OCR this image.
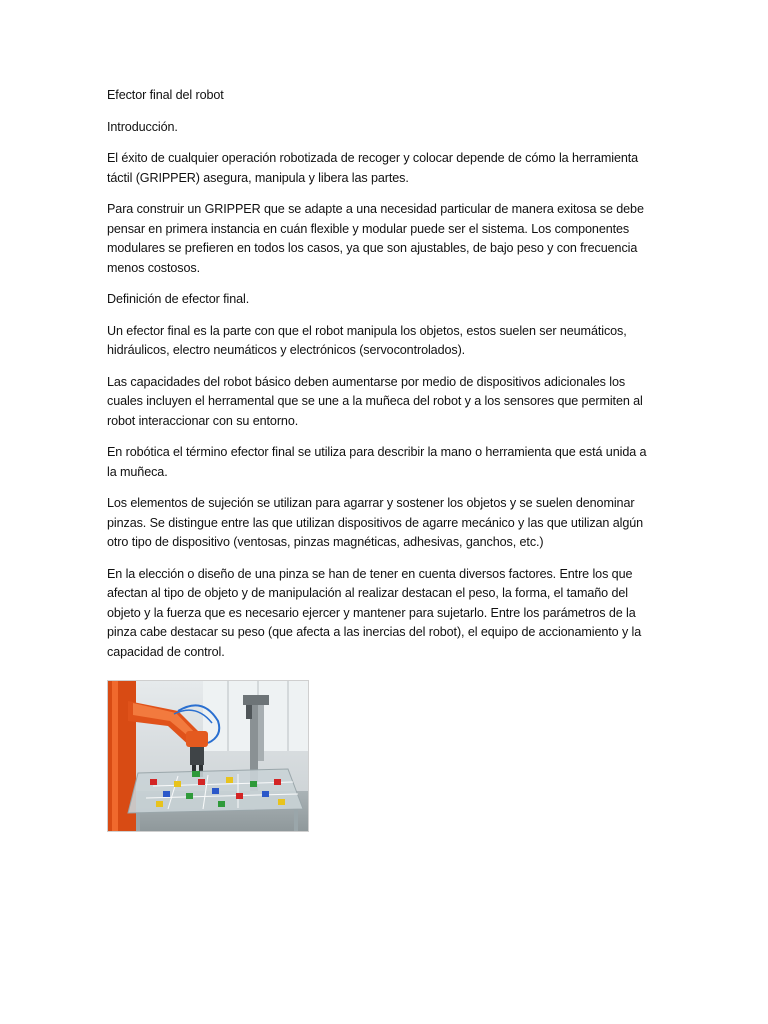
Efector final del robot

Introducción.

El éxito de cualquier operación robotizada de recoger y colocar depende de cómo la herramienta táctil (GRIPPER) asegura, manipula y libera las partes.

Para construir un GRIPPER que se adapte a una necesidad particular de manera exitosa se debe pensar en primera instancia en cuán flexible y modular puede ser el sistema. Los componentes modulares se prefieren en todos los casos, ya que son ajustables, de bajo peso y con frecuencia menos costosos.

Definición de efector final.

Un efector final es la parte con que el robot manipula los objetos, estos suelen ser neumáticos, hidráulicos, electro neumáticos y electrónicos (servocontrolados).

Las capacidades del robot básico deben aumentarse por medio de dispositivos adicionales los cuales incluyen el herramental que se une a la muñeca del robot y a los sensores que permiten al robot interaccionar con su entorno.

En robótica el término efector final se utiliza para describir la mano o herramienta que está unida a la muñeca.

Los elementos de sujeción se utilizan para agarrar y sostener los objetos y se suelen denominar pinzas. Se distingue entre las que utilizan dispositivos de agarre mecánico y las que utilizan algún otro tipo de dispositivo (ventosas, pinzas magnéticas, adhesivas, ganchos, etc.)

En la elección o diseño de una pinza se han de tener en cuenta diversos factores. Entre los que afectan al tipo de objeto y de manipulación al realizar destacan el peso, la forma, el tamaño del objeto y la fuerza que es necesario ejercer y mantener para sujetarlo. Entre los parámetros de la pinza cabe destacar su peso (que afecta a las inercias del robot), el equipo de accionamiento y la capacidad de control.
